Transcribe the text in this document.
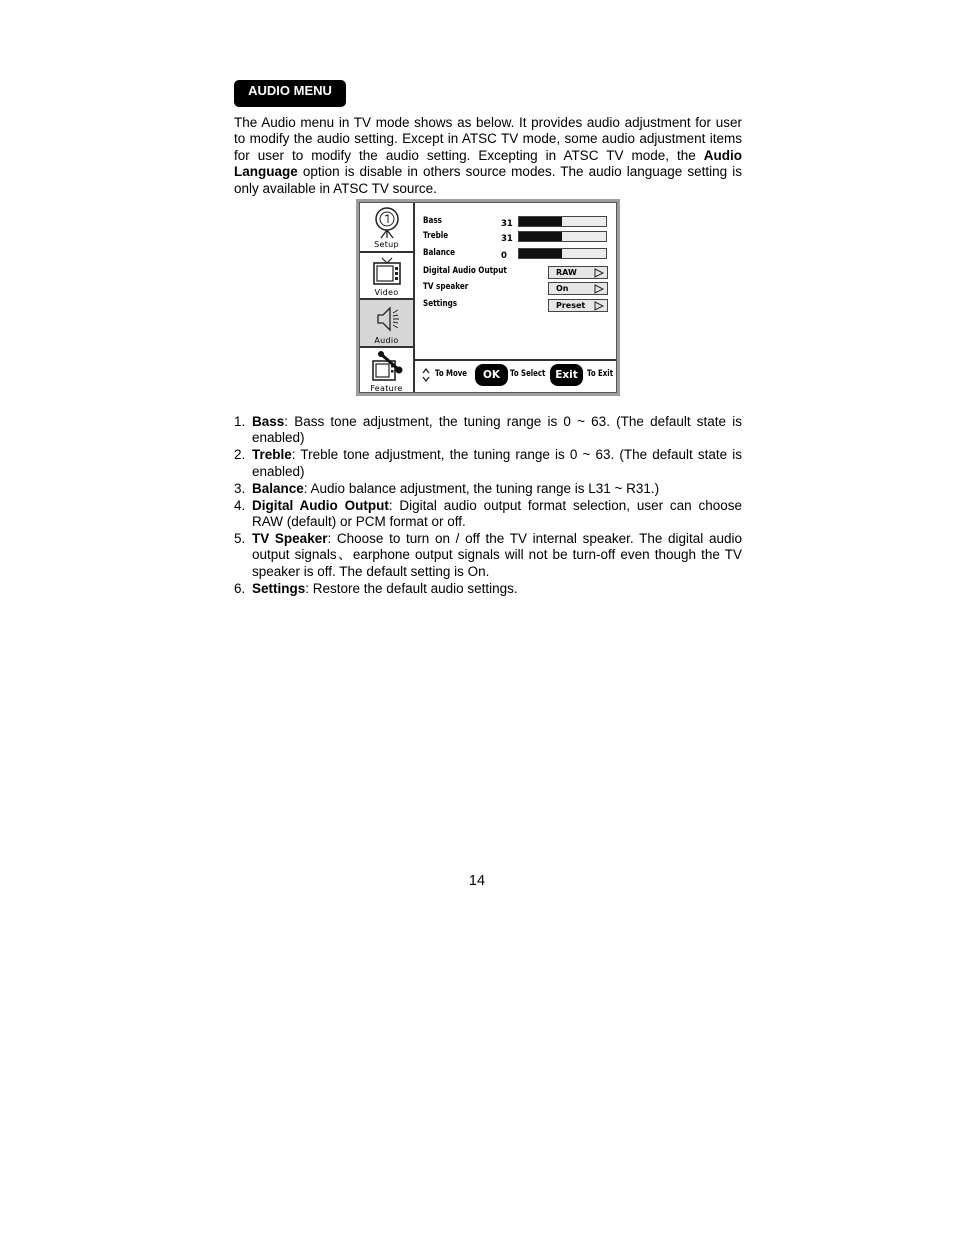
AUDIO MENU

The Audio menu in TV mode shows as below. It provides audio adjustment for user to modify the audio setting. Except in ATSC TV mode, some audio adjustment items for user to modify the audio setting. Excepting in ATSC TV mode, the Audio Language option is disable in others source modes. The audio language setting is only available in ATSC TV source.

Setup
Video
Audio
Feature
Bass	31
Treble	31
Balance	0
Digital Audio Output	RAW
TV speaker	On
Settings	Preset
To Move	OK	To Select Exit	To Exit
1. Bass: Bass tone adjustment, the tuning range is 0 ~ 63. (The default state is enabled)
2. Treble: Treble tone adjustment, the tuning range is 0 ~ 63. (The default state is enabled)
3. Balance: Audio balance adjustment, the tuning range is L31 ~ R31.)
4. Digital Audio Output: Digital audio output format selection, user can choose RAW (default) or PCM format or off.
5. TV Speaker: Choose to turn on / off the TV internal speaker. The digital audio output signals、earphone output signals will not be turn-off even though the TV speaker is off. The default setting is On.
6. Settings: Restore the default audio settings.
14
